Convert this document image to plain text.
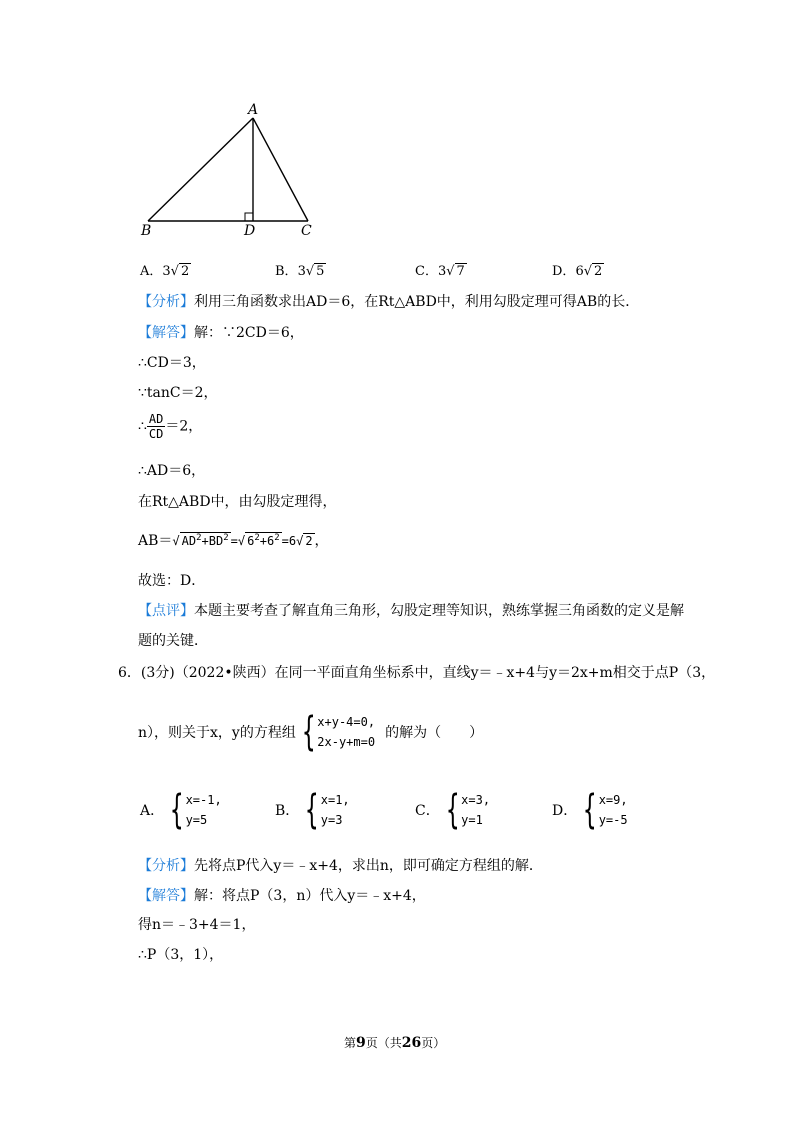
A
B	D	C
A．3√ 2	B．3√ 5	C．3√ 7	D．6√ 2
【分析】利用三角函数求出AD＝6，在Rt△ABD中，利用勾股定理可得AB的长．
【解答】解：∵2CD＝6，
∴CD＝3，
∵tanC＝2，
∴ $\frac{AD}{CD} =2$，
∴AD＝6，
在Rt△ABD中，由勾股定理得，
AB＝√ $AD^2+BD^2$ =√ $6^2+6^2 =6√$ 2 ，
故选：D．
【点评】本题主要考查了解直角三角形，勾股定理等知识，熟练掌握三角函数的定义是解
题的关键．
6．(3分)（2022•陕西）在同一平面直角坐标系中，直线y＝﹣x+4与y＝2x+m相交于点P（3，
n），则关于x，y的方程组 { x+y-4=0,
2x-y+m=0
的解为（　　）
A． { x=-1,
y=5
B． { x=1,
y=3
C． { x=3,
y=1
D． { x=9,
y=-5
【分析】先将点P代入y＝﹣x+4，求出n，即可确定方程组的解．
【解答】解：将点P（3，n）代入y＝﹣x+4，
得n＝﹣3+4＝1，
∴P（3，1），
第9页（共26页）
